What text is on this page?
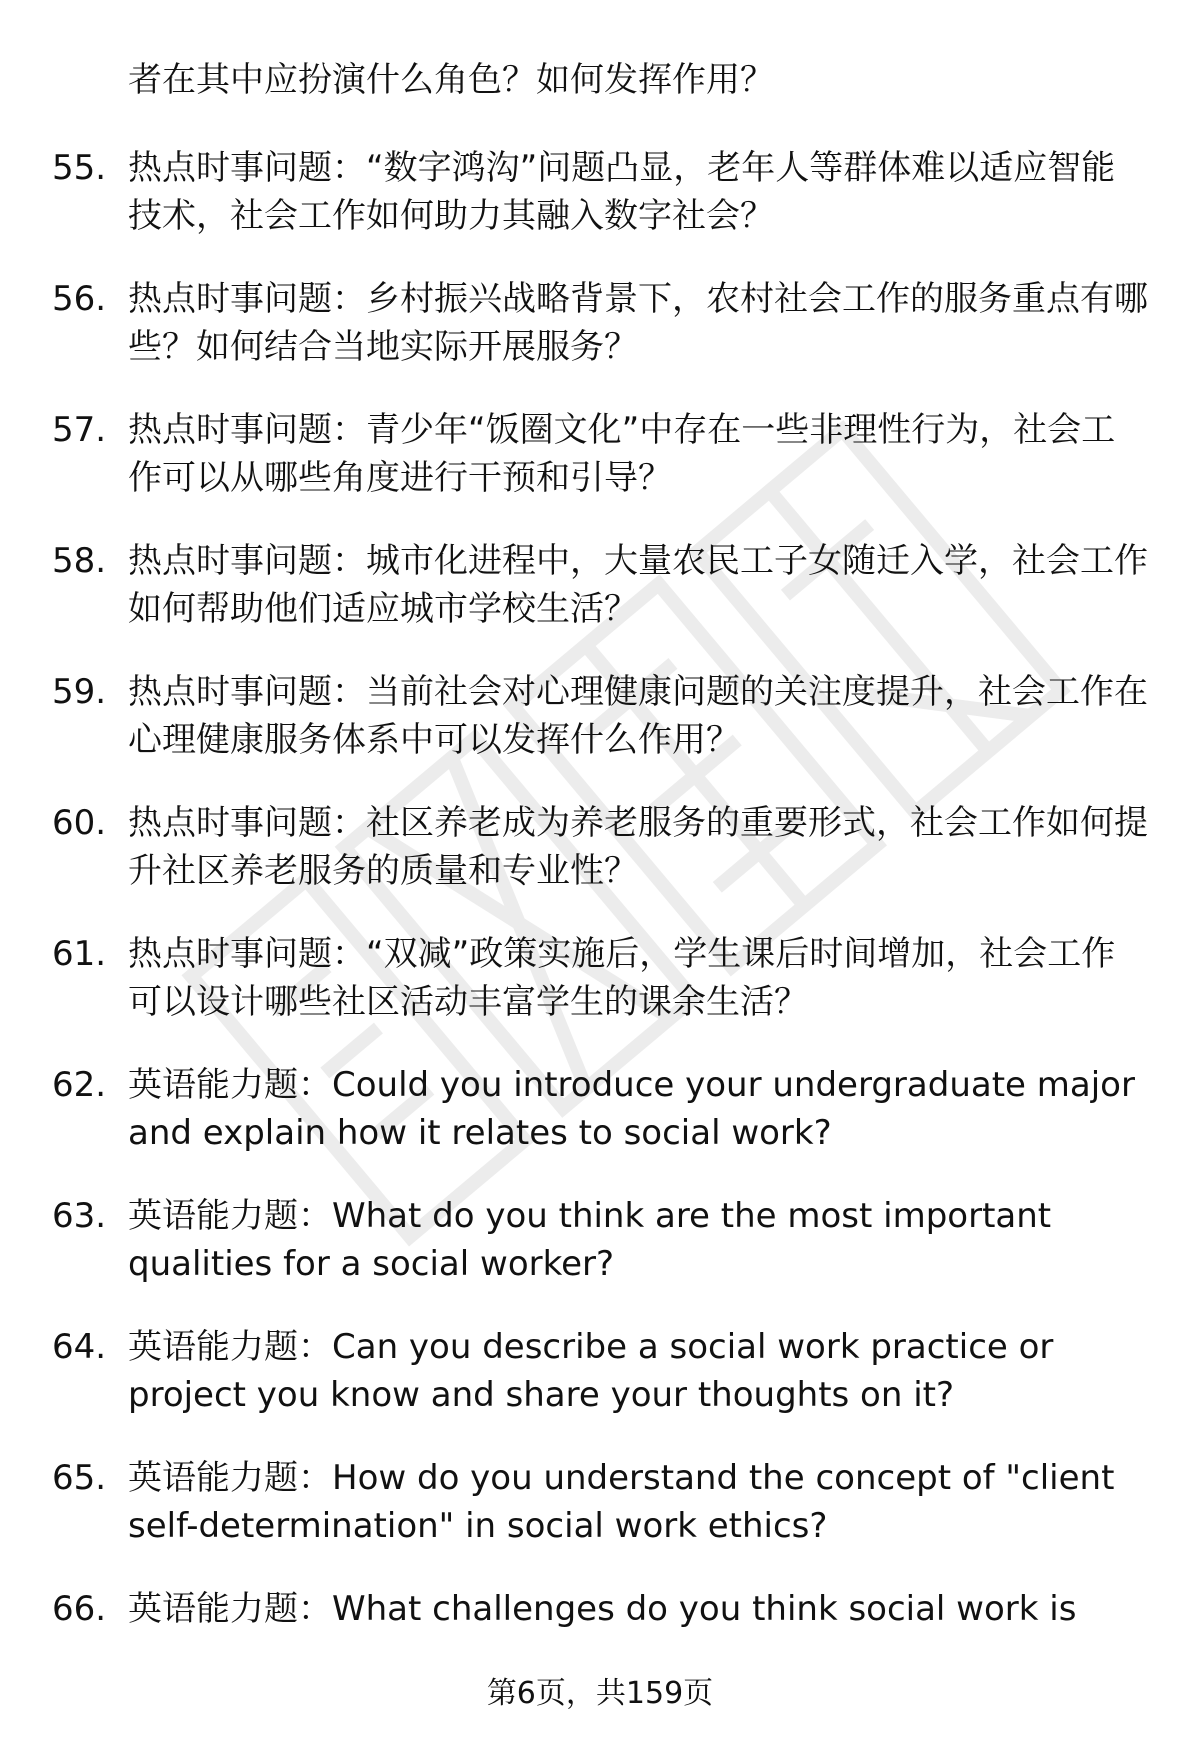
者在其中应扮演什么角色？如何发挥作用？
55. 热点时事问题：“数字鸿沟”问题凸显，老年人等群体难以适应智能技术，社会工作如何助力其融入数字社会？
56. 热点时事问题：乡村振兴战略背景下，农村社会工作的服务重点有哪些？如何结合当地实际开展服务？
57. 热点时事问题：青少年“饭圈文化”中存在一些非理性行为，社会工作可以从哪些角度进行干预和引导？
58. 热点时事问题：城市化进程中，大量农民工子女随迁入学，社会工作如何帮助他们适应城市学校生活？
59. 热点时事问题：当前社会对心理健康问题的关注度提升，社会工作在心理健康服务体系中可以发挥什么作用？
60. 热点时事问题：社区养老成为养老服务的重要形式，社会工作如何提升社区养老服务的质量和专业性？
61. 热点时事问题：“双减”政策实施后，学生课后时间增加，社会工作可以设计哪些社区活动丰富学生的课余生活？
62. 英语能力题：Could you introduce your undergraduate major and explain how it relates to social work?
63. 英语能力题：What do you think are the most important qualities for a social worker?
64. 英语能力题：Can you describe a social work practice or project you know and share your thoughts on it?
65. 英语能力题：How do you understand the concept of "client self-determination" in social work ethics?
66. 英语能力题：What challenges do you think social work is
第6页，共159页
